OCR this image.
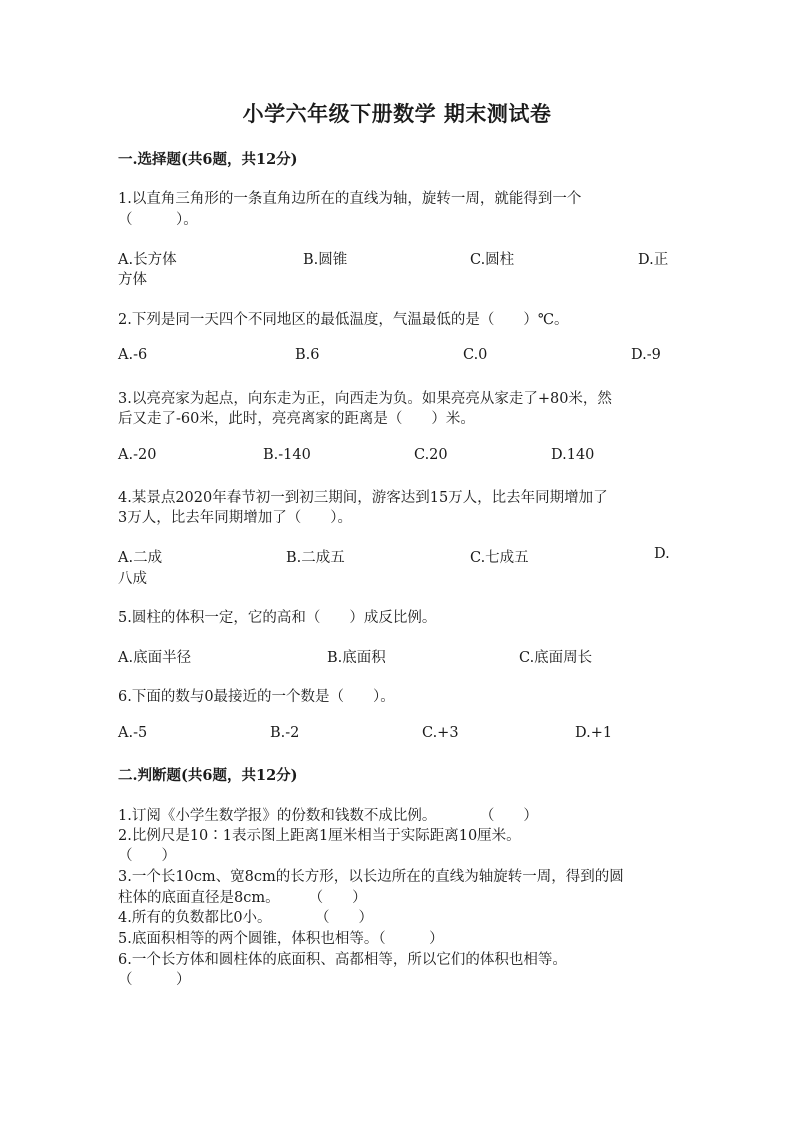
小学六年级下册数学 期末测试卷
一.选择题(共6题，共12分)
1.以直角三角形的一条直角边所在的直线为轴，旋转一周，就能得到一个
（　　　）。
A.长方体	B.圆锥	C.圆柱	D.正
方体
2.下列是同一天四个不同地区的最低温度，气温最低的是（　　）℃。
A.-6	B.6	C.0	D.-9
3.以亮亮家为起点，向东走为正，向西走为负。如果亮亮从家走了+80米，然
后又走了-60米，此时，亮亮离家的距离是（　　）米。
A.-20	B.-140	C.20	D.140
4.某景点2020年春节初一到初三期间，游客达到15万人，比去年同期增加了
3万人，比去年同期增加了（　　）。
A.二成	B.二成五	C.七成五	D.
八成
5.圆柱的体积一定，它的高和（　　）成反比例。
A.底面半径	B.底面积	C.底面周长
6.下面的数与0最接近的一个数是（　　）。
A.-5	B.-2	C.+3	D.+1
二.判断题(共6题，共12分)
1.订阅《小学生数学报》的份数和钱数不成比例。　　　　（　　）
2.比例尺是10∶1表示图上距离1厘米相当于实际距离10厘米。
（　　）
3.一个长10cm、宽8cm的长方形，以长边所在的直线为轴旋转一周，得到的圆
柱体的底面直径是8cm。　　　（　　）
4.所有的负数都比0小。　　　　（　　）
5.底面积相等的两个圆锥，体积也相等。（　　　）
6.一个长方体和圆柱体的底面积、高都相等，所以它们的体积也相等。
（　　　）
